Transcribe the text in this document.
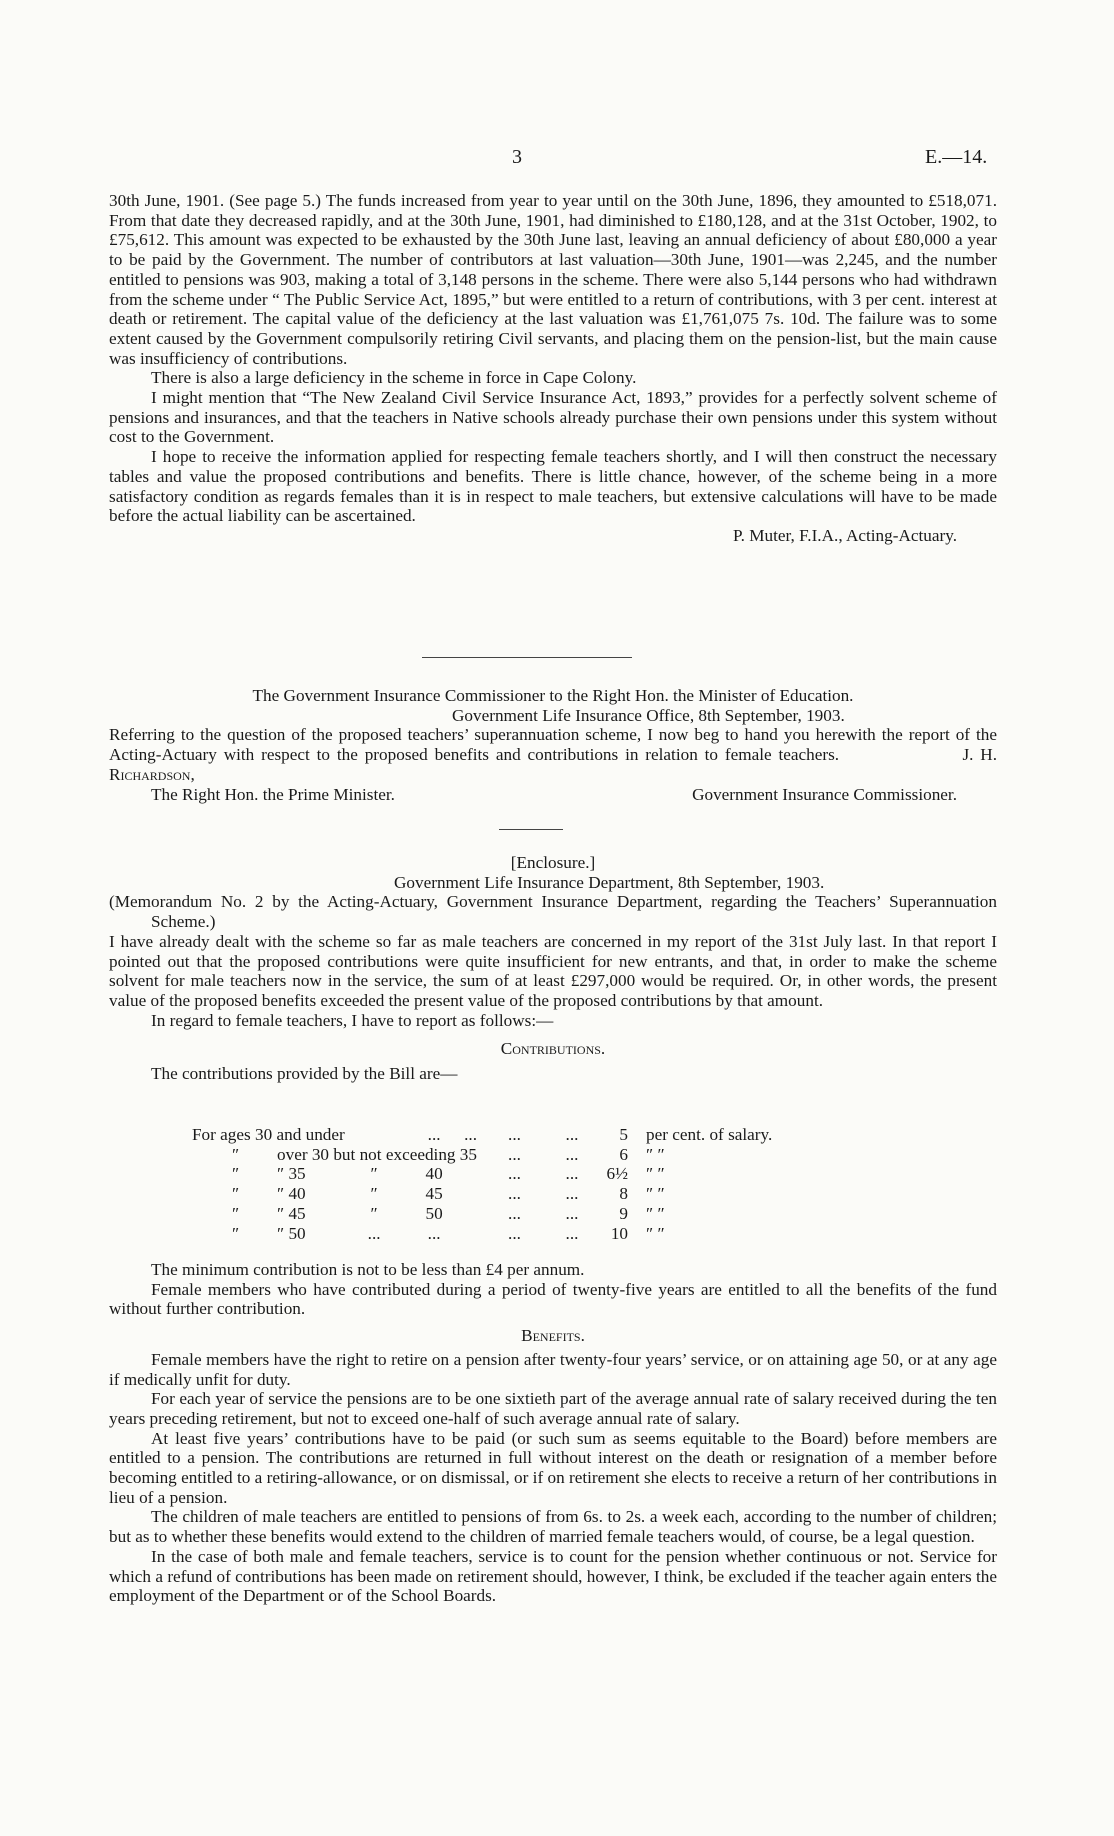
3	E.—14.

30th June, 1901. (See page 5.) The funds increased from year to year until on the 30th June, 1896, they amounted to £518,071. From that date they decreased rapidly, and at the 30th June, 1901, had diminished to £180,128, and at the 31st October, 1902, to £75,612. This amount was expected to be exhausted by the 30th June last, leaving an annual deficiency of about £80,000 a year to be paid by the Government. The number of contributors at last valuation—30th June, 1901—was 2,245, and the number entitled to pensions was 903, making a total of 3,148 persons in the scheme. There were also 5,144 persons who had withdrawn from the scheme under “ The Public Service Act, 1895,” but were entitled to a return of contributions, with 3 per cent. interest at death or retirement. The capital value of the deficiency at the last valuation was £1,761,075 7s. 10d. The failure was to some extent caused by the Government compulsorily retiring Civil servants, and placing them on the pension-list, but the main cause was insufficiency of contributions.

There is also a large deficiency in the scheme in force in Cape Colony.

I might mention that “The New Zealand Civil Service Insurance Act, 1893,” provides for a perfectly solvent scheme of pensions and insurances, and that the teachers in Native schools already purchase their own pensions under this system without cost to the Government.

I hope to receive the information applied for respecting female teachers shortly, and I will then construct the necessary tables and value the proposed contributions and benefits. There is little chance, however, of the scheme being in a more satisfactory condition as regards females than it is in respect to male teachers, but extensive calculations will have to be made before the actual liability can be ascertained.

P. Muter, F.I.A., Acting-Actuary.

The Government Insurance Commissioner to the Right Hon. the Minister of Education.

Government Life Insurance Office, 8th September, 1903.

Referring to the question of the proposed teachers’ superannuation scheme, I now beg to hand you herewith the report of the Acting-Actuary with respect to the proposed benefits and contributions in relation to female teachers.	J. H. Richardson,

The Right Hon. the Prime Minister.	Government Insurance Commissioner.

[Enclosure.]

Government Life Insurance Department, 8th September, 1903.

(Memorandum No. 2 by the Acting-Actuary, Government Insurance Department, regarding the Teachers’ Superannuation Scheme.)

I have already dealt with the scheme so far as male teachers are concerned in my report of the 31st July last. In that report I pointed out that the proposed contributions were quite insufficient for new entrants, and that, in order to make the scheme solvent for male teachers now in the service, the sum of at least £297,000 would be required. Or, in other words, the present value of the proposed benefits exceeded the present value of the proposed contributions by that amount.

In regard to female teachers, I have to report as follows:—

Contributions.

The contributions provided by the Bill are—

For ages 30 and under			...	...	...	...	5	per cent. of salary.
″	over 30 but not exceeding 35				...	...	6	″ ″
″	″ 35	″	40		...	...	6½	″ ″
″	″ 40	″	45		...	...	8	″ ″
″	″ 45	″	50		...	...	9	″ ″
″	″ 50	...	...		...	...	10	″ ″

The minimum contribution is not to be less than £4 per annum.

Female members who have contributed during a period of twenty-five years are entitled to all the benefits of the fund without further contribution.

Benefits.

Female members have the right to retire on a pension after twenty-four years’ service, or on attaining age 50, or at any age if medically unfit for duty.

For each year of service the pensions are to be one sixtieth part of the average annual rate of salary received during the ten years preceding retirement, but not to exceed one-half of such average annual rate of salary.

At least five years’ contributions have to be paid (or such sum as seems equitable to the Board) before members are entitled to a pension. The contributions are returned in full without interest on the death or resignation of a member before becoming entitled to a retiring-allowance, or on dismissal, or if on retirement she elects to receive a return of her contributions in lieu of a pension.

The children of male teachers are entitled to pensions of from 6s. to 2s. a week each, according to the number of children; but as to whether these benefits would extend to the children of married female teachers would, of course, be a legal question.

In the case of both male and female teachers, service is to count for the pension whether continuous or not. Service for which a refund of contributions has been made on retirement should, however, I think, be excluded if the teacher again enters the employment of the Department or of the School Boards.
